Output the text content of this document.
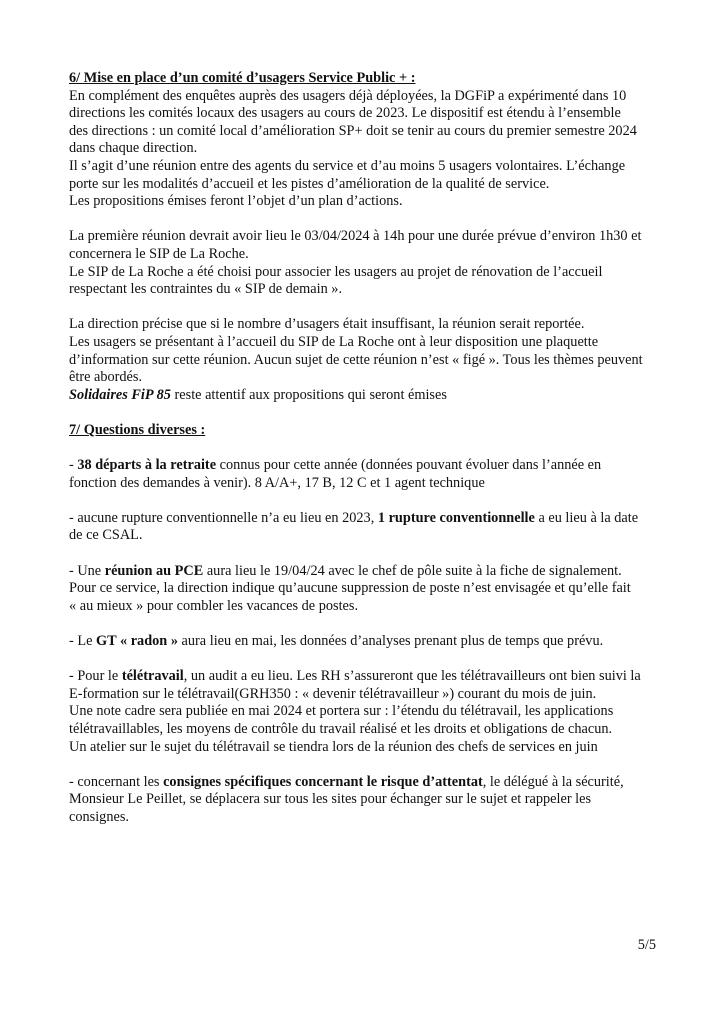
6/ Mise en place d’un comité d’usagers Service Public + :
En complément des enquêtes auprès des usagers déjà déployées, la DGFiP a expérimenté dans 10
directions les comités locaux des usagers au cours de 2023. Le dispositif est étendu à l’ensemble
des directions : un comité local d’amélioration SP+ doit se tenir au cours du premier semestre 2024
dans chaque direction.
Il s’agit d’une réunion entre des agents du service et d’au moins 5 usagers volontaires. L’échange
porte sur les modalités d’accueil et les pistes d’amélioration de la qualité de service.
Les propositions émises feront l’objet d’un plan d’actions.
La première réunion devrait avoir lieu le 03/04/2024 à 14h pour une durée prévue d’environ 1h30 et
concernera le SIP de La Roche.
Le SIP de La Roche a été choisi pour associer les usagers au projet de rénovation de l’accueil
respectant les contraintes du « SIP de demain ».
La direction précise que si le nombre d’usagers était insuffisant, la réunion serait reportée.
Les usagers se présentant à l’accueil du SIP de La Roche ont à leur disposition une plaquette
d’information sur cette réunion. Aucun sujet de cette réunion n’est « figé ». Tous les thèmes peuvent
être abordés.
Solidaires FiP 85 reste attentif aux propositions qui seront émises
7/ Questions diverses :
- 38 départs à la retraite connus pour cette année (données pouvant évoluer dans l’année en
fonction des demandes à venir). 8 A/A+, 17 B, 12 C et 1 agent technique
- aucune rupture conventionnelle n’a eu lieu en 2023, 1 rupture conventionnelle a eu lieu à la date
de ce CSAL.
- Une réunion au PCE aura lieu le 19/04/24 avec le chef de pôle suite à la fiche de signalement.
Pour ce service, la direction indique qu’aucune suppression de poste n’est envisagée et qu’elle fait
« au mieux » pour combler les vacances de postes.
- Le GT « radon » aura lieu en mai, les données d’analyses prenant plus de temps que prévu.
- Pour le télétravail, un audit a eu lieu. Les RH s’assureront que les télétravailleurs ont bien suivi la
E-formation sur le télétravail(GRH350 : « devenir télétravailleur ») courant du mois de juin.
Une note cadre sera publiée en mai 2024 et portera sur : l’étendu du télétravail, les applications
télétravaillables, les moyens de contrôle du travail réalisé et les droits et obligations de chacun.
Un atelier sur le sujet du télétravail se tiendra lors de la réunion des chefs de services en juin
- concernant les consignes spécifiques concernant le risque d’attentat, le délégué à la sécurité,
Monsieur Le Peillet, se déplacera sur tous les sites pour échanger sur le sujet et rappeler les
consignes.
5/5
